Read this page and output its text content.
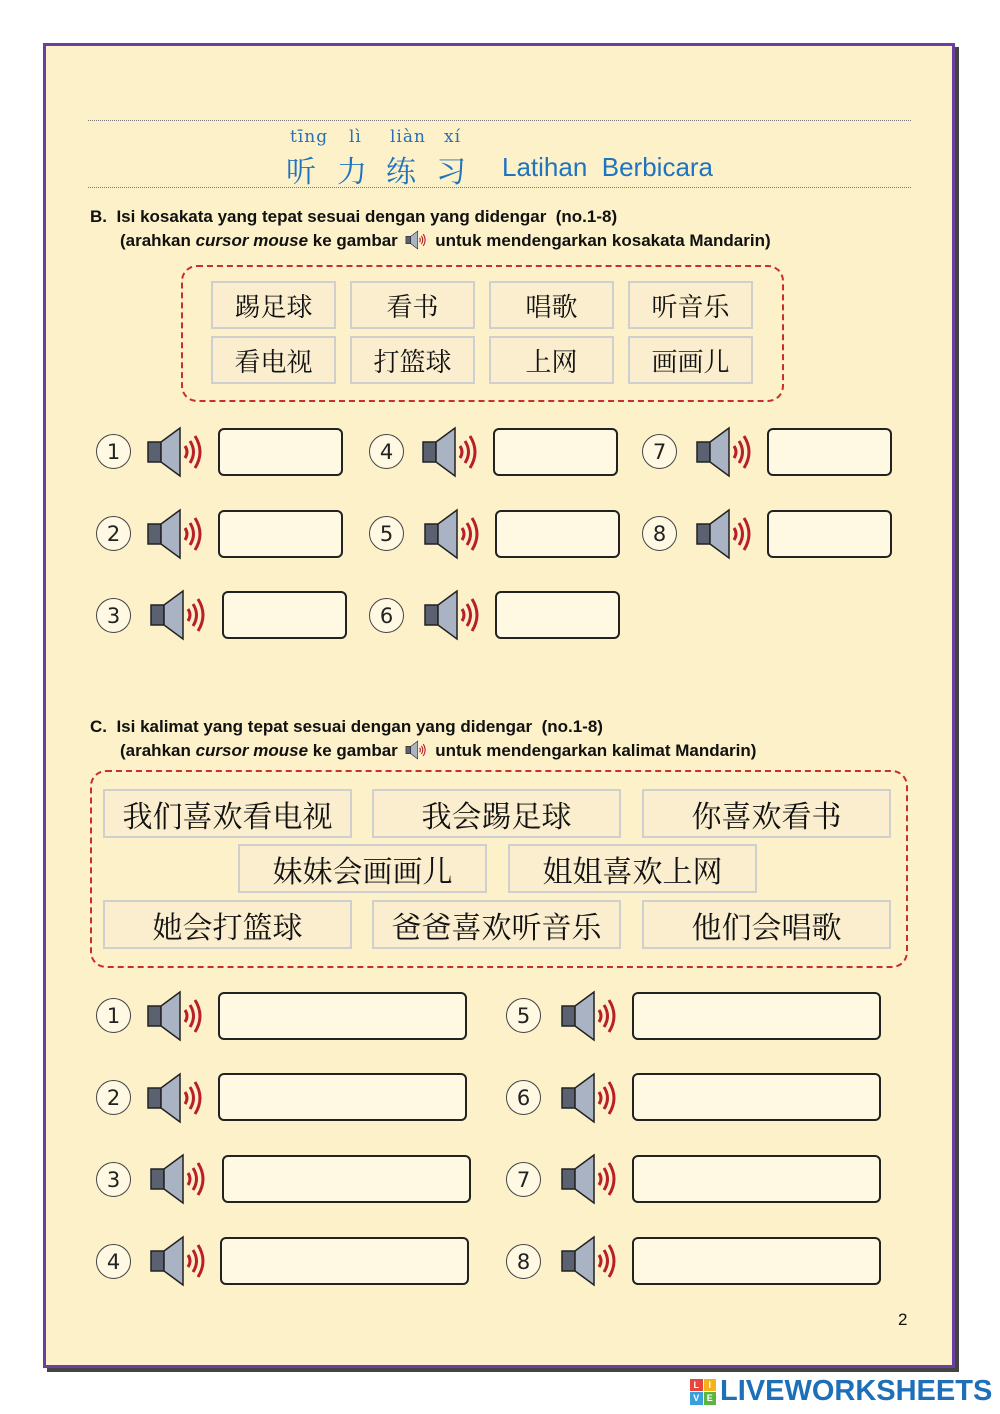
tīng lì liàn xí
听 力 练 习 Latihan  Berbicara
B.  Isi kosakata yang tepat sesuai dengan yang didengar  (no.1-8)
(arahkan cursor mouse ke gambar  untuk mendengarkan kosakata Mandarin)
踢足球	看书	唱歌	听音乐
看电视	打篮球	上网	画画儿
1
2
3
4
5
6
7
8
C.  Isi kalimat yang tepat sesuai dengan yang didengar  (no.1-8)
(arahkan cursor mouse ke gambar  untuk mendengarkan kalimat Mandarin)
我们喜欢看电视	我会踢足球	你喜欢看书
妹妹会画画儿	姐姐喜欢上网
她会打篮球	爸爸喜欢听音乐	他们会唱歌
1
2
3
4
5
6
7
8
2
L	I
V E LIVEWORKSHEETS
